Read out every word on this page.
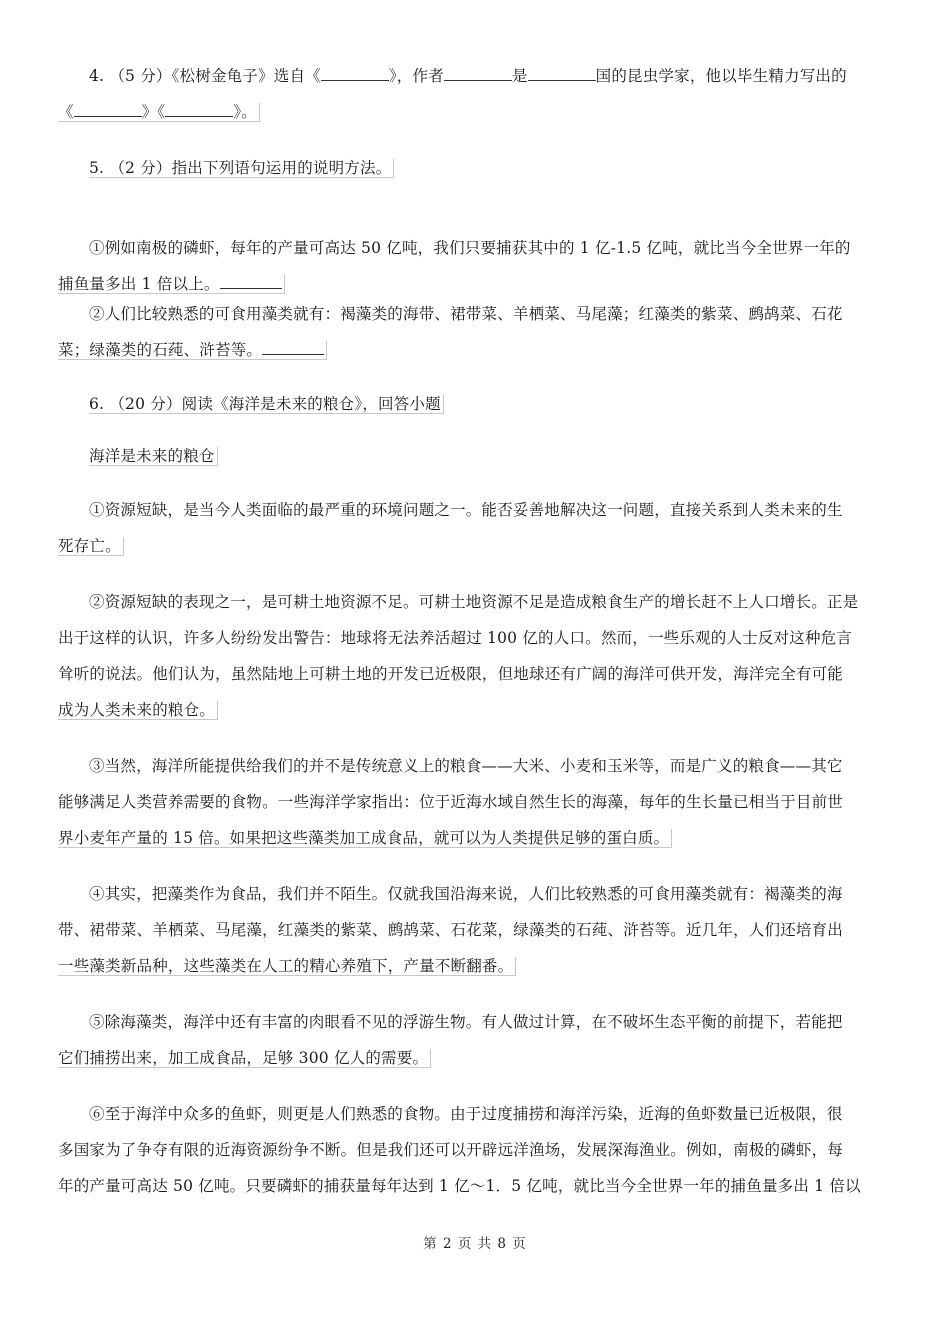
4. （5 分）《松树金龟子》选自《	》，作者	是	国的昆虫学家，他以毕生精力写出的
《	》《	》。
5. （2 分）指出下列语句运用的说明方法。
①例如南极的磷虾，每年的产量可高达 50 亿吨，我们只要捕获其中的 1 亿-1.5 亿吨，就比当今全世界一年的
捕鱼量多出 1 倍以上。
②人们比较熟悉的可食用藻类就有：褐藻类的海带、裙带菜、羊栖菜、马尾藻；红藻类的紫菜、鹧鸪菜、石花
菜；绿藻类的石莼、浒苔等。
6. （20 分）阅读《海洋是未来的粮仓》，回答小题
海洋是未来的粮仓
①资源短缺，是当今人类面临的最严重的环境问题之一。能否妥善地解决这一问题，直接关系到人类未来的生
死存亡。
②资源短缺的表现之一，是可耕土地资源不足。可耕土地资源不足是造成粮食生产的增长赶不上人口增长。正是
出于这样的认识，许多人纷纷发出警告：地球将无法养活超过 100 亿的人口。然而，一些乐观的人士反对这种危言
耸听的说法。他们认为，虽然陆地上可耕土地的开发已近极限，但地球还有广阔的海洋可供开发，海洋完全有可能
成为人类未来的粮仓。
③当然，海洋所能提供给我们的并不是传统意义上的粮食——大米、小麦和玉米等，而是广义的粮食——其它
能够满足人类营养需要的食物。一些海洋学家指出：位于近海水域自然生长的海藻，每年的生长量已相当于目前世
界小麦年产量的 15 倍。如果把这些藻类加工成食品，就可以为人类提供足够的蛋白质。
④其实，把藻类作为食品，我们并不陌生。仅就我国沿海来说，人们比较熟悉的可食用藻类就有：褐藻类的海
带、裙带菜、羊栖菜、马尾藻，红藻类的紫菜、鹧鸪菜、石花菜，绿藻类的石莼、浒苔等。近几年，人们还培育出
一些藻类新品种，这些藻类在人工的精心养殖下，产量不断翻番。
⑤除海藻类，海洋中还有丰富的肉眼看不见的浮游生物。有人做过计算，在不破坏生态平衡的前提下，若能把
它们捕捞出来，加工成食品，足够 300 亿人的需要。
⑥至于海洋中众多的鱼虾，则更是人们熟悉的食物。由于过度捕捞和海洋污染，近海的鱼虾数量已近极限，很
多国家为了争夺有限的近海资源纷争不断。但是我们还可以开辟远洋渔场，发展深海渔业。例如，南极的磷虾，每
年的产量可高达 50 亿吨。只要磷虾的捕获量每年达到 1 亿～1．5 亿吨，就比当今全世界一年的捕鱼量多出 1 倍以
第 2 页 共 8 页
